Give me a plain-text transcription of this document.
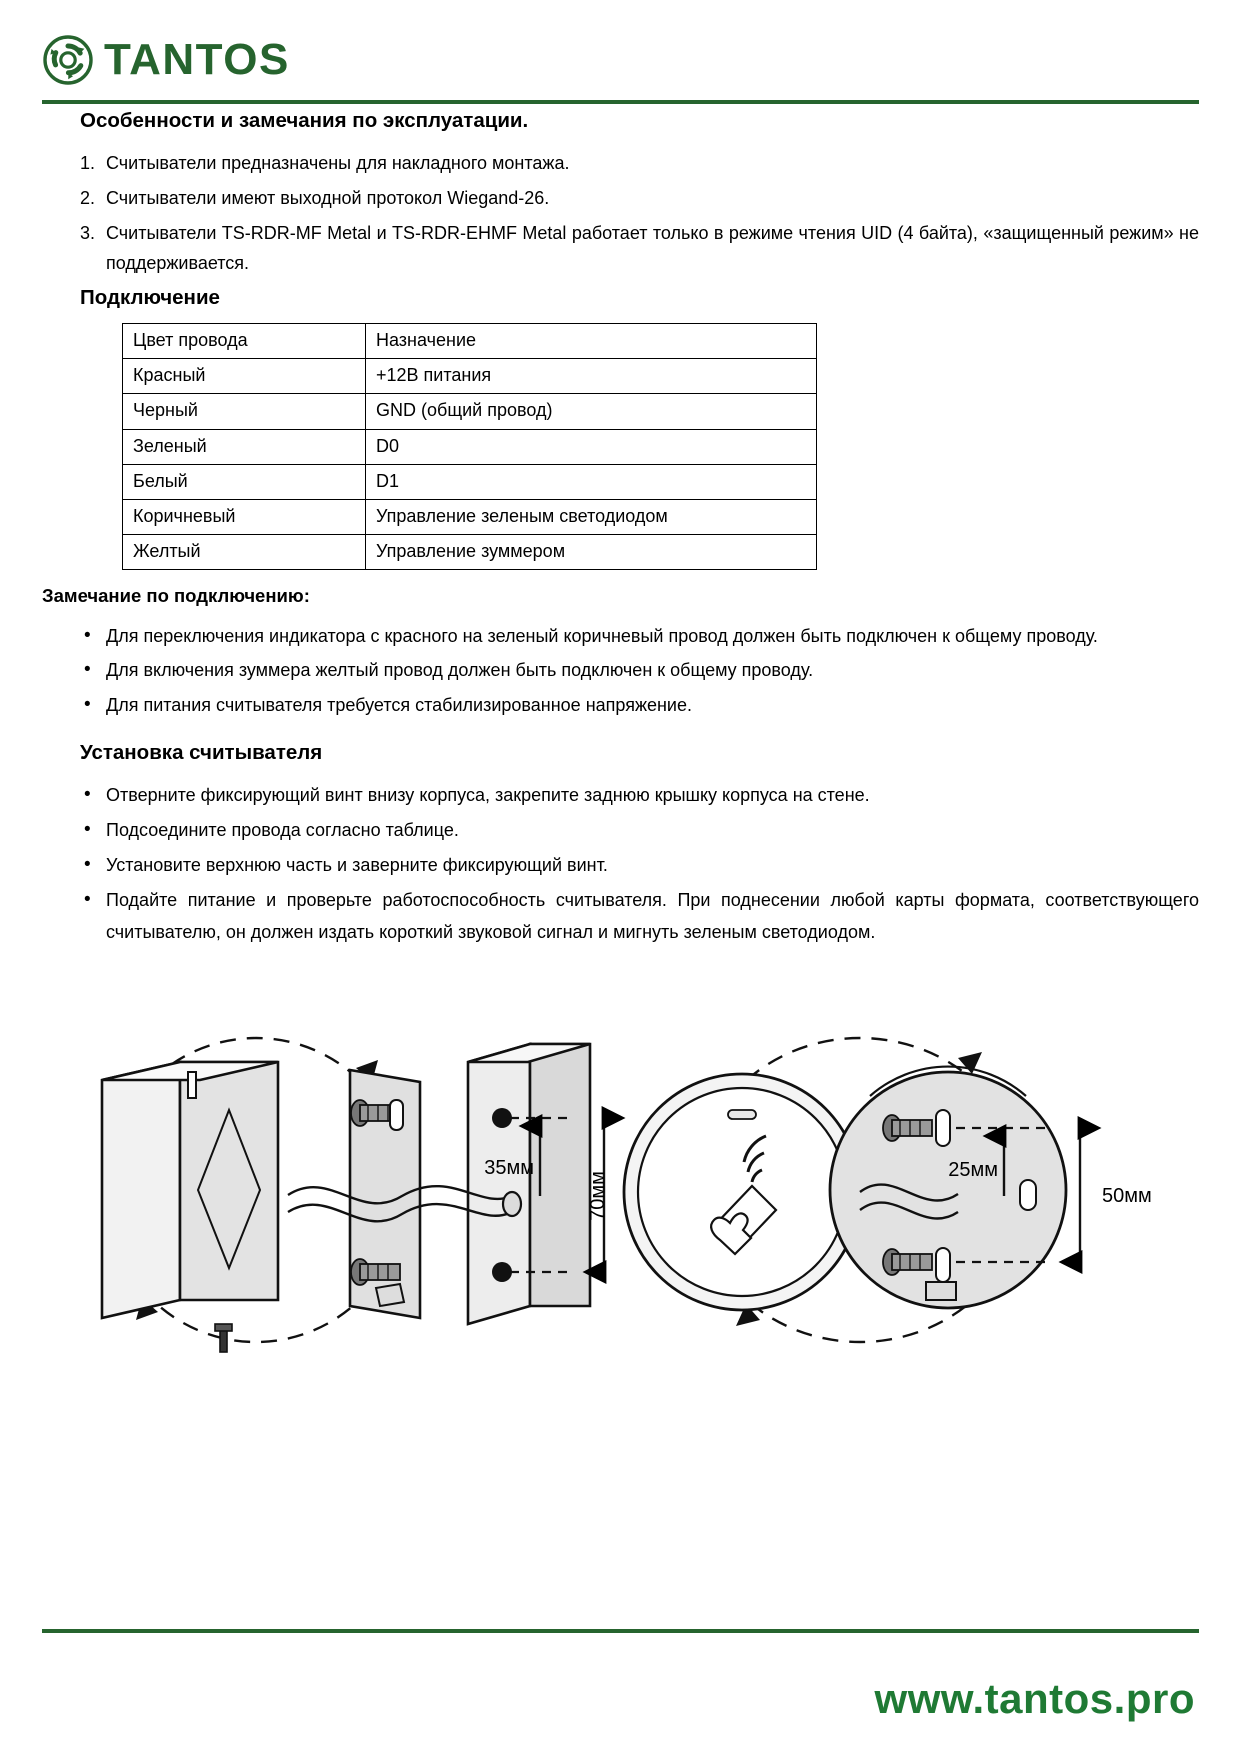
TANTOS
Особенности и замечания по эксплуатации.
1. Считыватели предназначены для накладного монтажа.
2. Считыватели имеют выходной протокол Wiegand-26.
3. Считыватели TS-RDR-MF Metal и TS-RDR-EHMF Metal работает только в режиме чтения UID (4 байта), «защищенный режим» не поддерживается.
Подключение
Цвет провода	Назначение
Красный	+12В питания
Черный	GND (общий провод)
Зеленый	D0
Белый	D1
Коричневый	Управление зеленым светодиодом
Желтый	Управление зуммером
Замечание по подключению:
• Для переключения индикатора с красного на зеленый коричневый провод должен быть подключен к общему проводу.
• Для включения зуммера желтый провод должен быть подключен к общему проводу.
• Для питания считывателя требуется стабилизированное напряжение.
Установка считывателя
• Отверните фиксирующий винт внизу корпуса, закрепите заднюю крышку корпуса на стене.
• Подсоедините провода согласно таблице.
• Установите верхнюю часть и заверните фиксирующий винт.
• Подайте питание и проверьте работоспособность считывателя. При поднесении любой карты формата, соответствующего считывателю, он должен издать короткий звуковой сигнал и мигнуть зеленым светодиодом.
35мм
70мм
25мм
50мм
www.tantos.pro
